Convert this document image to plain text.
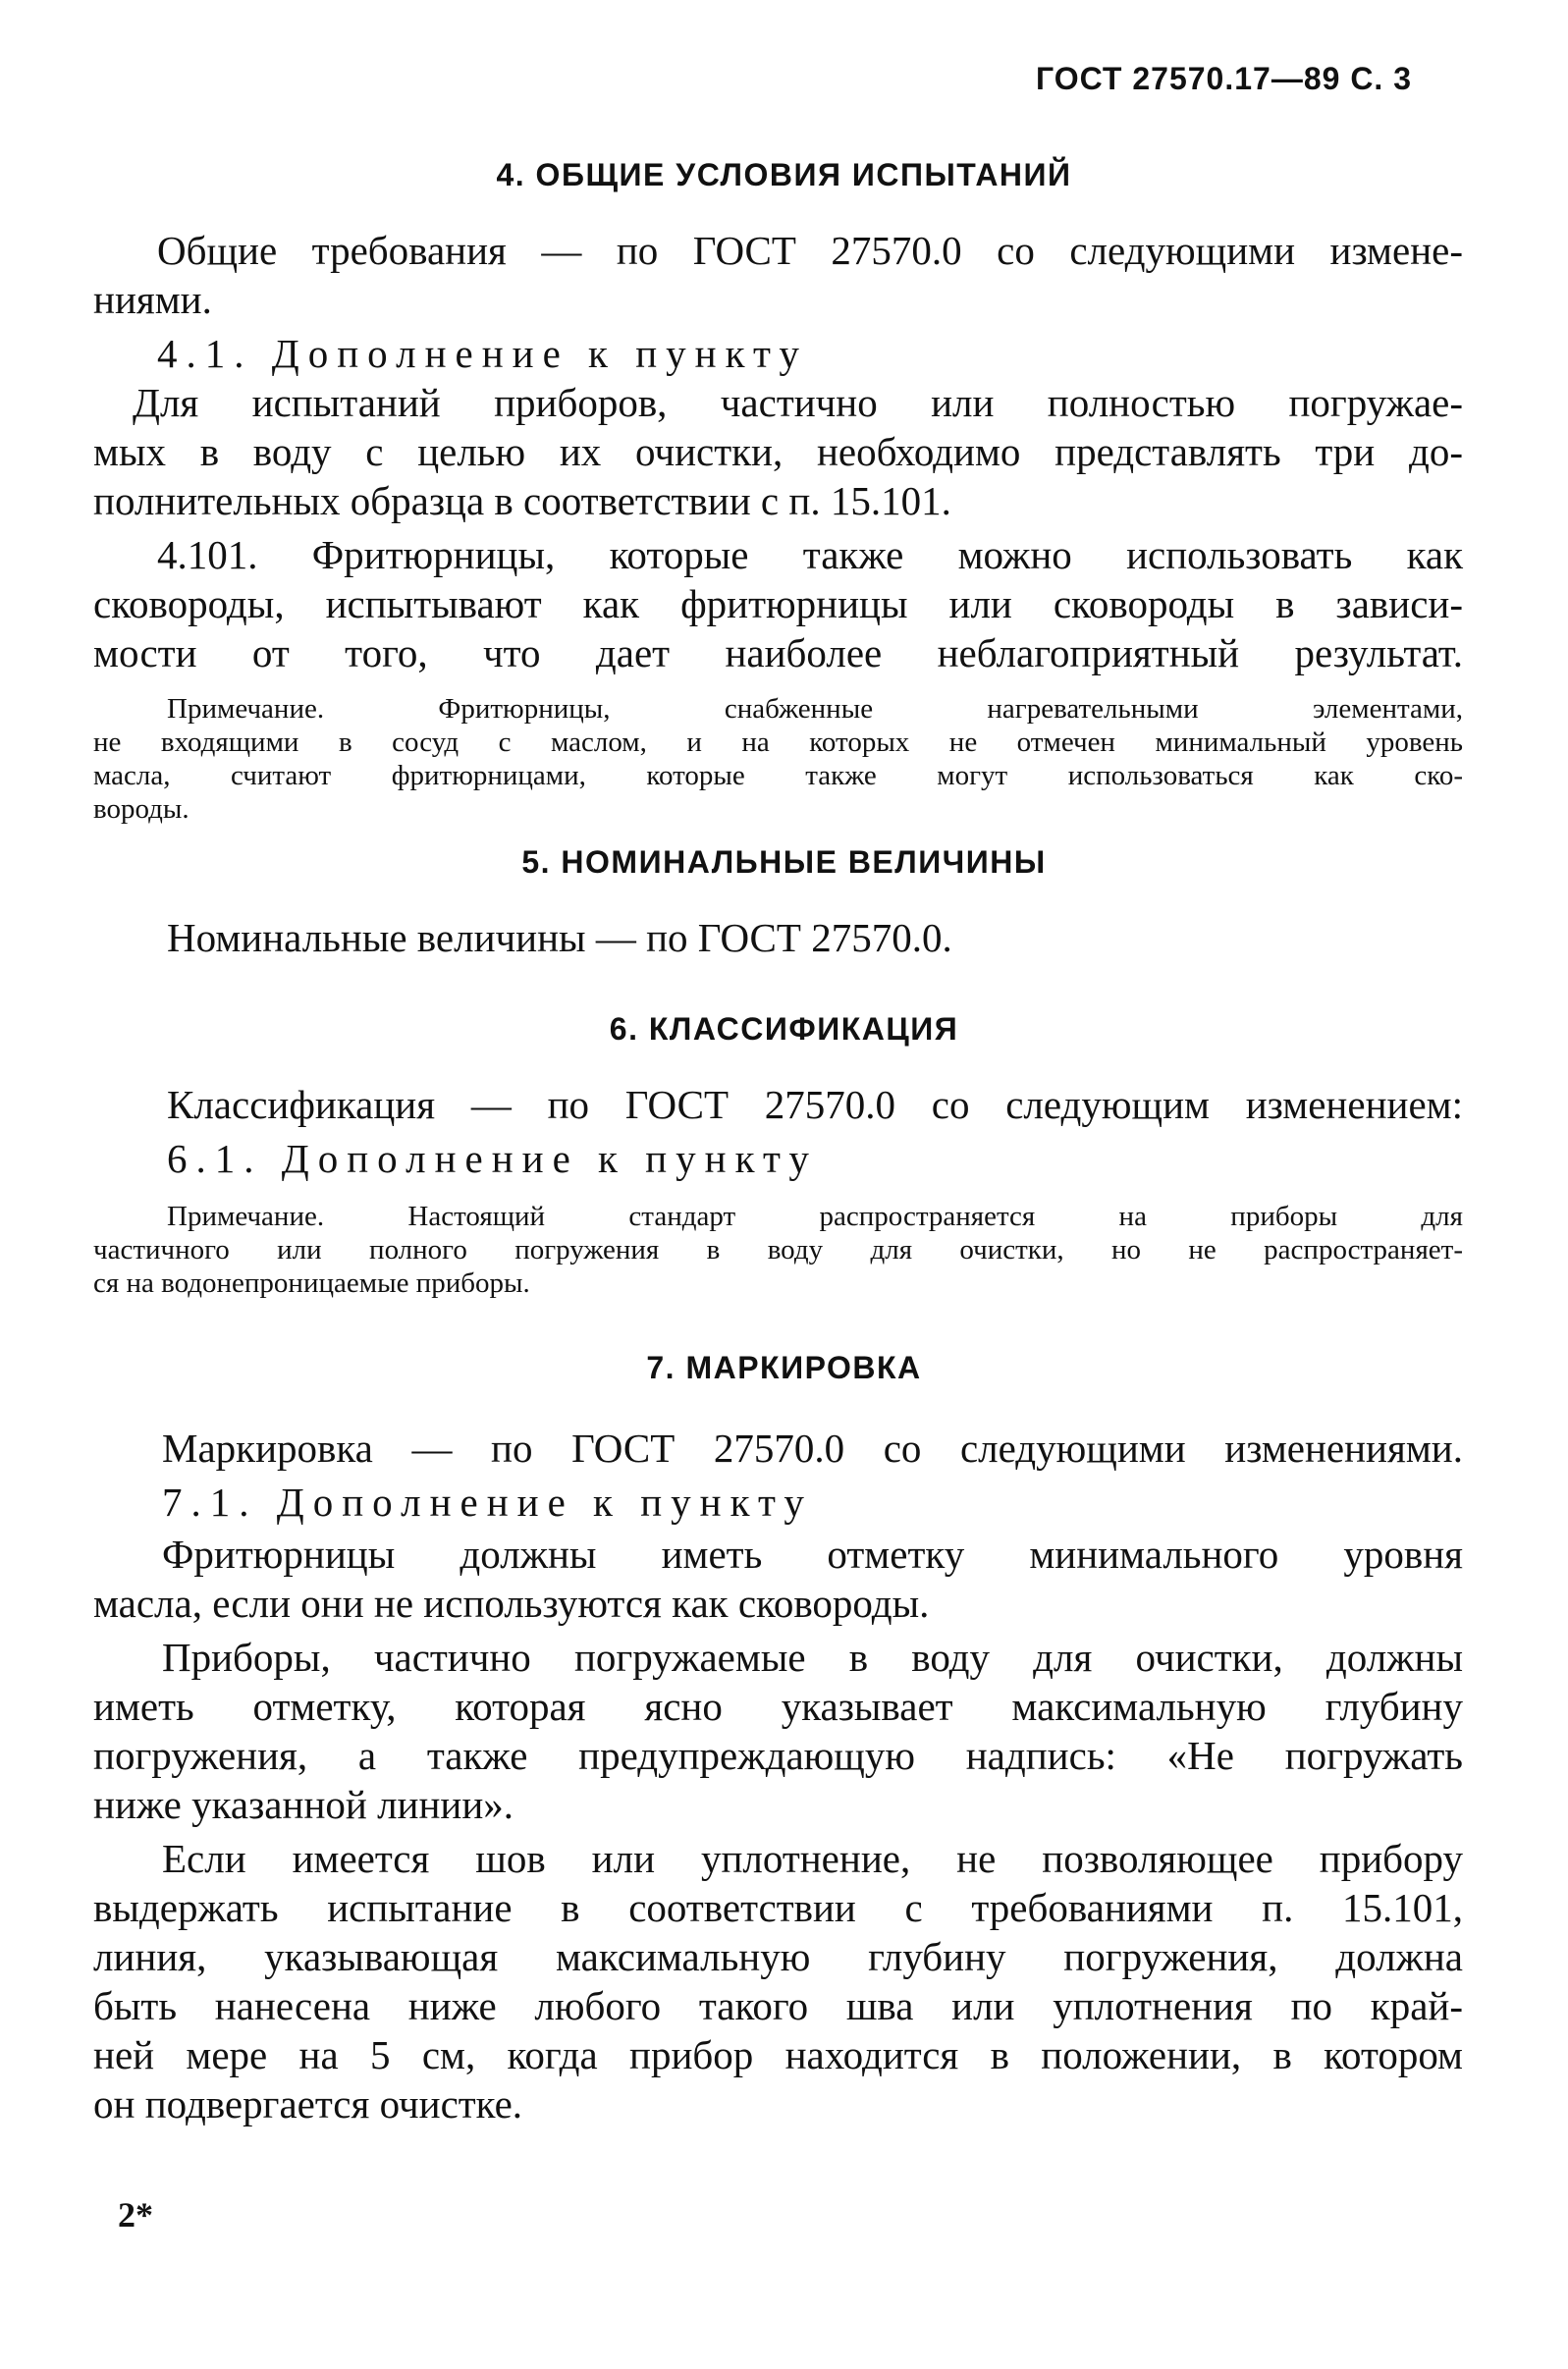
ГОСТ 27570.17—89 С. 3
4. ОБЩИЕ УСЛОВИЯ ИСПЫТАНИЙ
Общие требования — по ГОСТ 27570.0 со следующими измене-
ниями.
4.1. Дополнение к пункту
Для испытаний приборов, частично или полностью погружае-
мых в воду с целью их очистки, необходимо представлять три до-
полнительных образца в соответствии с п. 15.101.
4.101. Фритюрницы, которые также можно использовать как
сковороды, испытывают как фритюрницы или сковороды в зависи-
мости от того, что дает наиболее неблагоприятный результат.
Примечание. Фритюрницы, снабженные нагревательными элементами,
не входящими в сосуд с маслом, и на которых не отмечен минимальный уровень
масла, считают фритюрницами, которые также могут использоваться как ско-
вороды.
5. НОМИНАЛЬНЫЕ ВЕЛИЧИНЫ
Номинальные величины — по ГОСТ 27570.0.
6. КЛАССИФИКАЦИЯ
Классификация — по ГОСТ 27570.0 со следующим изменением:
6.1. Дополнение к пункту
Примечание. Настоящий стандарт распространяется на приборы для
частичного или полного погружения в воду для очистки, но не распространяет-
ся на водонепроницаемые приборы.
7. МАРКИРОВКА
Маркировка — по ГОСТ 27570.0 со следующими изменениями.
7.1. Дополнение к пункту
Фритюрницы должны иметь отметку минимального уровня
масла, если они не используются как сковороды.
Приборы, частично погружаемые в воду для очистки, должны
иметь отметку, которая ясно указывает максимальную глубину
погружения, а также предупреждающую надпись: «Не погружать
ниже указанной линии».
Если имеется шов или уплотнение, не позволяющее прибору
выдержать испытание в соответствии с требованиями п. 15.101,
линия, указывающая максимальную глубину погружения, должна
быть нанесена ниже любого такого шва или уплотнения по край-
ней мере на 5 см, когда прибор находится в положении, в котором
он подвергается очистке.
2*
